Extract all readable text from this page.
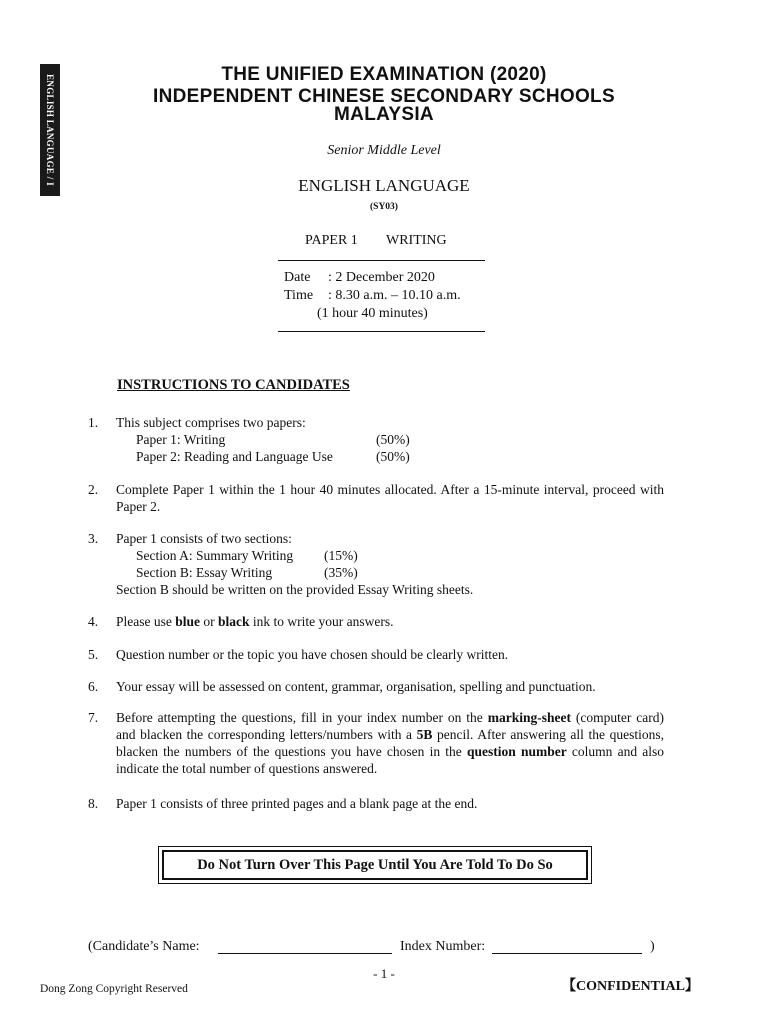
ENGLISH LANGUAGE / I	THE UNIFIED EXAMINATION (2020)
INDEPENDENT CHINESE SECONDARY SCHOOLS
MALAYSIA
Senior Middle Level
ENGLISH LANGUAGE
(SY03)
PAPER 1 WRITING
Date : 2 December 2020
Time : 8.30 a.m. – 10.10 a.m.
(1 hour 40 minutes)
INSTRUCTIONS TO CANDIDATES
1. This subject comprises two papers:
Paper 1: Writing	(50%)
Paper 2: Reading and Language Use	(50%)
2. Complete Paper 1 within the 1 hour 40 minutes allocated. After a 15-minute interval, proceed with Paper 2.
3. Paper 1 consists of two sections:
Section A: Summary Writing (15%)
Section B: Essay Writing	(35%)
Section B should be written on the provided Essay Writing sheets.
4. Please use blue or black ink to write your answers.
5. Question number or the topic you have chosen should be clearly written.
6. Your essay will be assessed on content, grammar, organisation, spelling and punctuation.
7. Before attempting the questions, fill in your index number on the marking-sheet (computer card) and blacken the corresponding letters/numbers with a 5B pencil. After answering all the questions, blacken the numbers of the questions you have chosen in the question number column and also indicate the total number of questions answered.
8. Paper 1 consists of three printed pages and a blank page at the end.
Do Not Turn Over This Page Until You Are Told To Do So
(Candidate’s Name:	Index Number:	)
- 1 -
Dong Zong Copyright Reserved	【CONFIDENTIAL】
